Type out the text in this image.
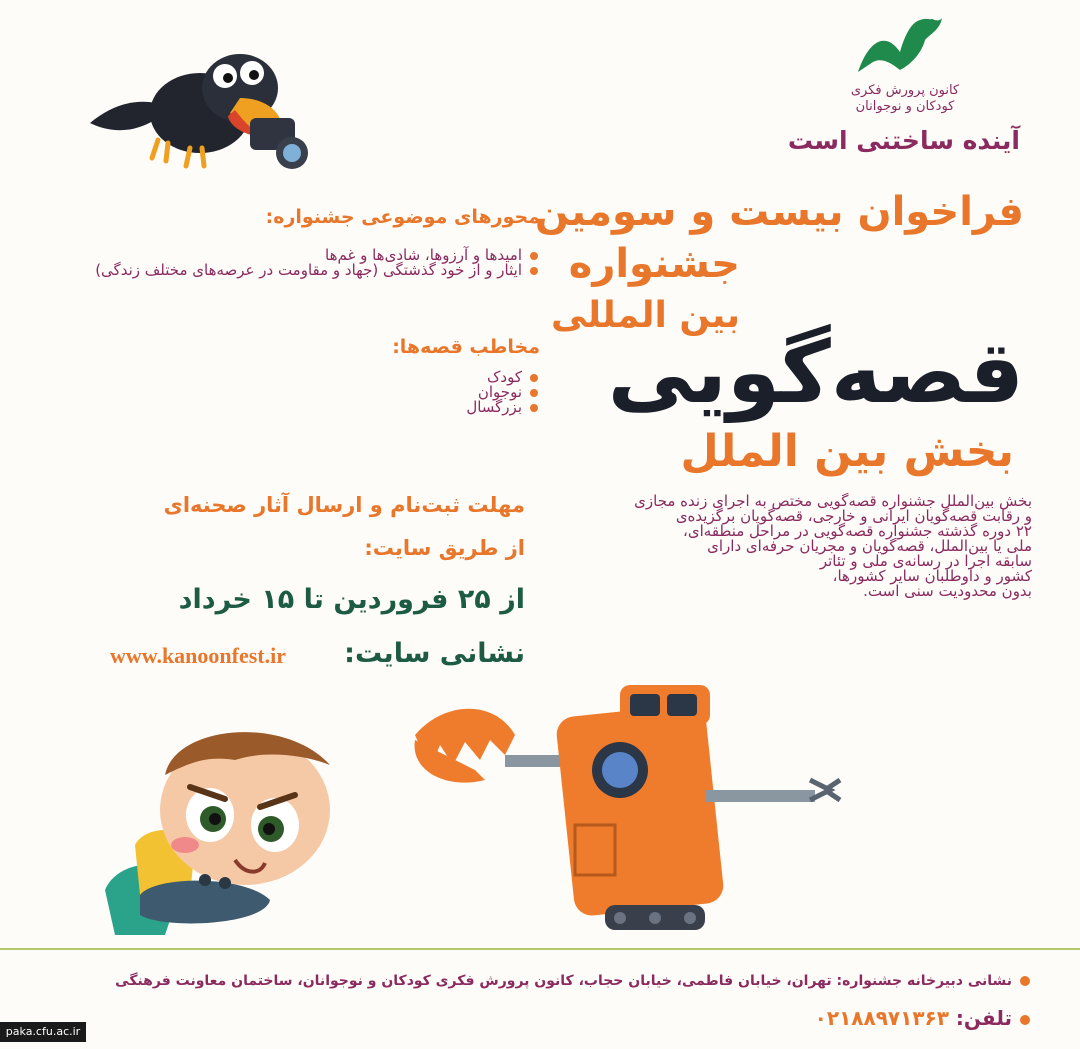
کانون پرورش فکری
کودکان و نوجوانان
آینده ساختنی است
فراخوان بیست و سومین
جشنواره
بین المللی
قصه‌گویی
بخش بین الملل
محورهای موضوعی جشنواره:
امیدها و آرزوها، شادی‌ها و غم‌ها
ایثار و از خود گذشتگی (جهاد و مقاومت در عرصه‌های مختلف زندگی)
مخاطب قصه‌ها:
کودک
نوجوان
بزرگسال
مهلت ثبت‌نام و ارسال آثار صحنه‌ای
از طریق سایت:
از ۲۵ فروردین تا ۱۵ خرداد
نشانی سایت:
www.kanoonfest.ir
بخش بین‌الملل جشنواره قصه‌گویی مختص به اجرای زنده مجازی
و رقابت قصه‌گویان ایرانی و خارجی، قصه‌گویان برگزیده‌ی
۲۲ دوره گذشته جشنواره قصه‌گویی در مراحل منطقه‌ای،
ملی یا بین‌الملل، قصه‌گویان و مجریان حرفه‌ای دارای
سابقه اجرا در رسانه‌ی ملی و تئاتر
کشور و داوطلبان سایر کشورها،
بدون محدودیت سنی است.
نشانی دبیرخانه جشنواره: تهران، خیابان فاطمی، خیابان حجاب، کانون پرورش فکری کودکان و نوجوانان، ساختمان معاونت فرهنگی
تلفن: ۰۲۱۸۸۹۷۱۳۶۳
paka.cfu.ac.ir
